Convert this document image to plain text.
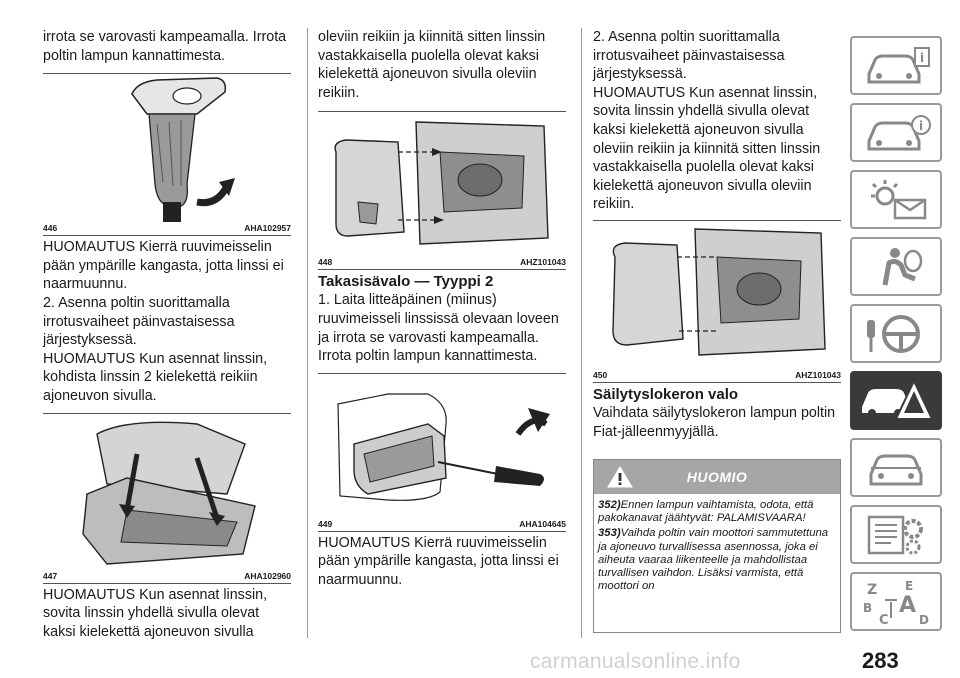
irrota se varovasti kampeamalla. Irrota poltin lampun kannattimesta.

446	AHA102957

HUOMAUTUS Kierrä ruuvimeisselin pään ympärille kangasta, jotta linssi ei naarmuunnu.

2. Asenna poltin suorittamalla irrotusvaiheet päinvastaisessa järjestyksessä.

HUOMAUTUS Kun asennat linssin, kohdista linssin 2 kielekettä reikiin ajoneuvon sivulla.

447	AHA102960

HUOMAUTUS Kun asennat linssin, sovita linssin yhdellä sivulla olevat kaksi kielekettä ajoneuvon sivulla

oleviin reikiin ja kiinnitä sitten linssin vastakkaisella puolella olevat kaksi kielekettä ajoneuvon sivulla oleviin reikiin.

448	AHZ101043
Takasisävalo — Tyyppi 2

1. Laita litteäpäinen (miinus) ruuvimeisseli linssissä olevaan loveen ja irrota se varovasti kampeamalla. Irrota poltin lampun kannattimesta.

449	AHA104645

HUOMAUTUS Kierrä ruuvimeisselin pään ympärille kangasta, jotta linssi ei naarmuunnu.

2. Asenna poltin suorittamalla irrotusvaiheet päinvastaisessa järjestyksessä.

HUOMAUTUS Kun asennat linssin, sovita linssin yhdellä sivulla olevat kaksi kielekettä ajoneuvon sivulla oleviin reikiin ja kiinnitä sitten linssin vastakkaisella puolella olevat kaksi kielekettä ajoneuvon sivulla oleviin reikiin.

450	AHZ101043
Säilytyslokeron valo

Vaihdata säilytyslokeron lampun poltin Fiat-jälleenmyyjällä.

HUOMIO
352)Ennen lampun vaihtamista, odota, että pakokanavat jäähtyvät: PALAMISVAARA!
353)Vaihda poltin vain moottori sammutettuna ja ajoneuvo turvallisessa asennossa, joka ei aiheuta vaaraa liikenteelle ja mahdollistaa turvallisen vaihdon. Lisäksi varmista, että moottori on
i
i
Z E
B A
C	D
283
carmanualsonline.info
